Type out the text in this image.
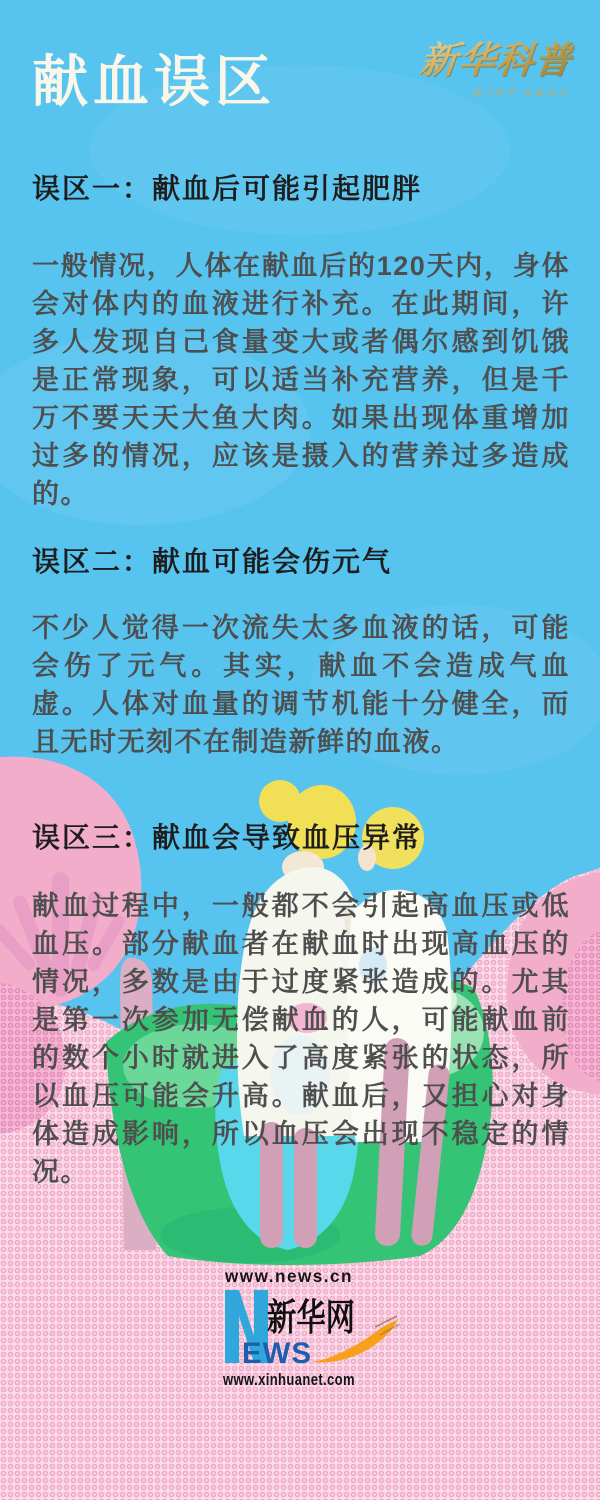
献血误区	新华科普
魅力科学 权威表达
误区一：献血后可能引起肥胖

一般情况，人体在献血后的120天内，身体会对体内的血液进行补充。在此期间，许多人发现自己食量变大或者偶尔感到饥饿是正常现象，可以适当补充营养，但是千万不要天天大鱼大肉。如果出现体重增加过多的情况，应该是摄入的营养过多造成的。

误区二：献血可能会伤元气

不少人觉得一次流失太多血液的话，可能会伤了元气。其实，献血不会造成气血虚。人体对血量的调节机能十分健全，而且无时无刻不在制造新鲜的血液。

误区三：献血会导致血压异常

献血过程中，一般都不会引起高血压或低血压。部分献血者在献血时出现高血压的情况，多数是由于过度紧张造成的。尤其是第一次参加无偿献血的人，可能献血前的数个小时就进入了高度紧张的状态，所以血压可能会升高。献血后，又担心对身体造成影响，所以血压会出现不稳定的情况。

www.news.cn
EWS
新华网
www.xinhuanet.com
